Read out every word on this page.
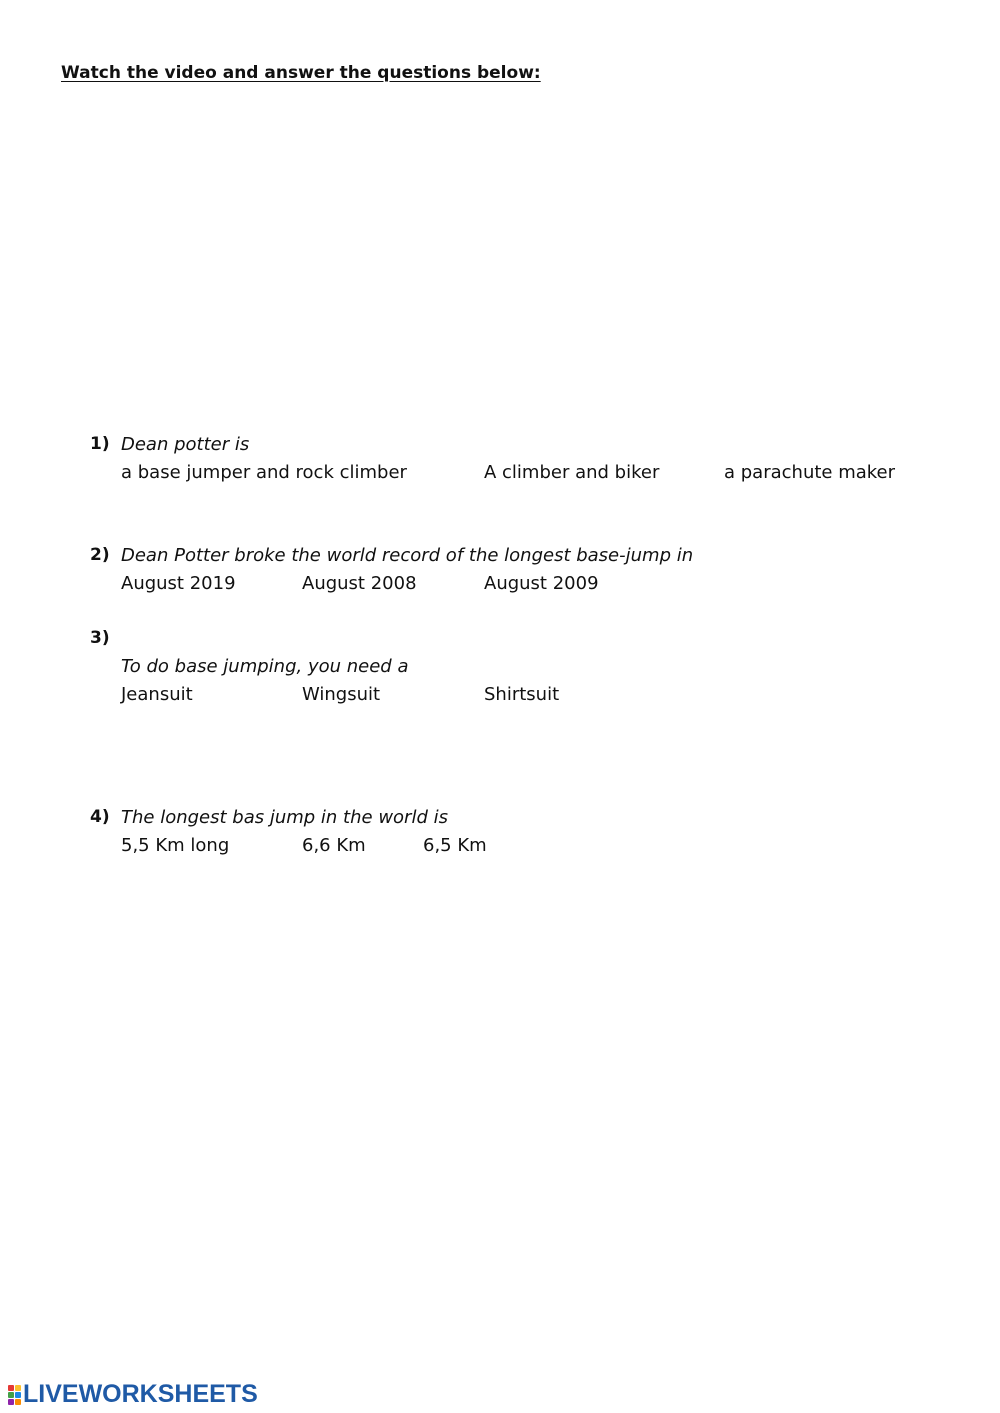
Watch the video and answer the questions below:
1) Dean potter is
a base jumper and rock climber	A climber and biker	a parachute maker
2) Dean Potter broke the world record of the longest base-jump in
August 2019	August 2008	August 2009
3)
To do base jumping, you need a
Jeansuit	Wingsuit	Shirtsuit
4) The longest bas jump in the world is
5,5 Km long	6,6 Km	6,5 Km
LIVEWORKSHEETS
